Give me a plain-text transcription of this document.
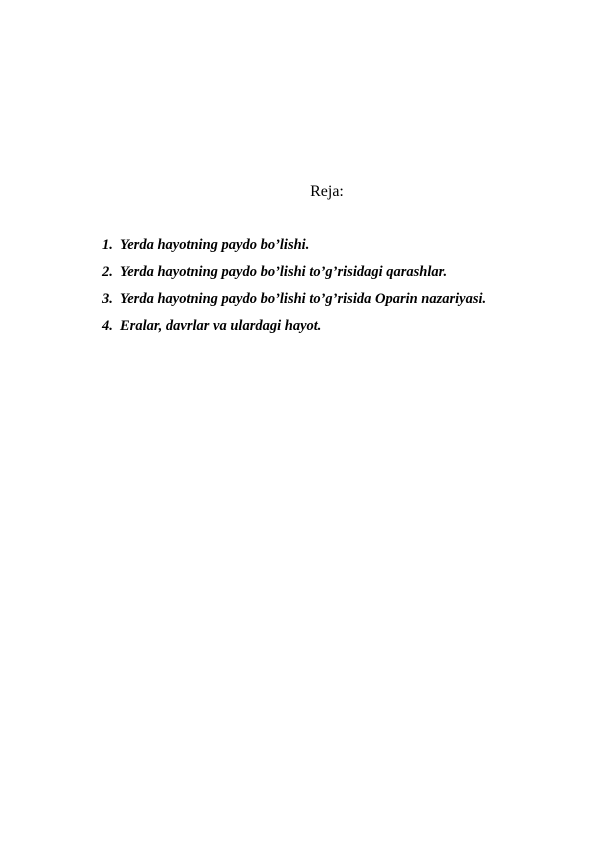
Reja:
1. Yerda hayotning paydo bo’lishi.
2. Yerda hayotning paydo bo’lishi to’g’risidagi qarashlar.
3. Yerda hayotning paydo bo’lishi to’g’risida Oparin nazariyasi.
4. Eralar, davrlar va ulardagi hayot.
